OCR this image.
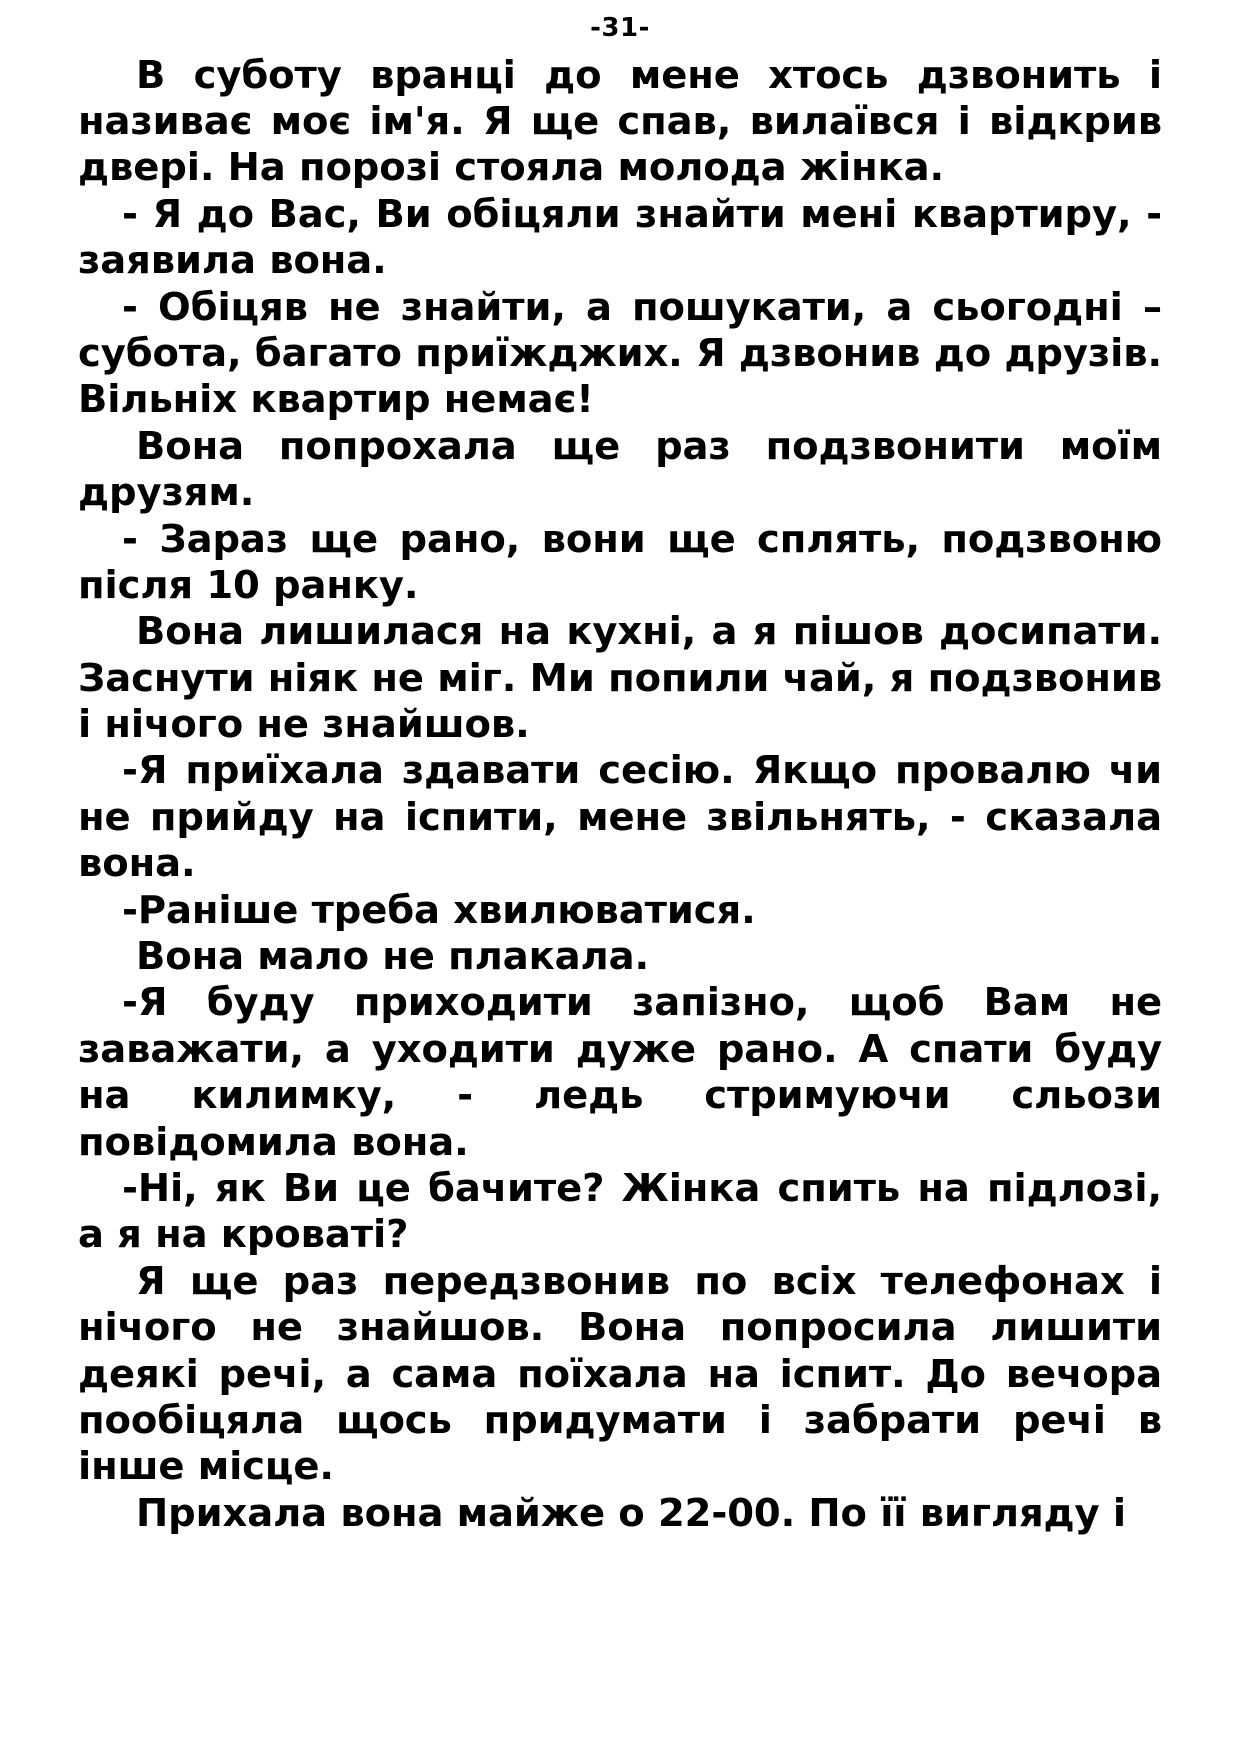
-31-

В суботу вранці до мене хтось дзвонить і називає моє ім'я. Я ще спав, вилаївся і відкрив двері. На порозі стояла молода жінка.

- Я до Вас, Ви обіцяли знайти мені квартиру, - заявила вона.

- Обіцяв не знайти, а пошукати, а сьогодні – субота, багато приїжджих. Я дзвонив до друзів. Вільніх квартир немає!

Вона попрохала ще раз подзвонити моїм друзям.

- Зараз ще рано, вони ще сплять, подзвоню після 10 ранку.

Вона лишилася на кухні, а я пішов досипати. Заснути ніяк не міг. Ми попили чай, я подзвонив і нічого не знайшов.

-Я приїхала здавати сесію. Якщо провалю чи не прийду на іспити, мене звільнять, - сказала вона.

-Раніше треба хвилюватися.

Вона мало не плакала.

-Я буду приходити запізно, щоб Вам не заважати, а уходити дуже рано. А спати буду на килимку, - ледь стримуючи сльози повідомила вона.

-Ні, як Ви це бачите? Жінка спить на підлозі, а я на кроваті?

Я ще раз передзвонив по всіх телефонах і нічого не знайшов. Вона попросила лишити деякі речі, а сама поїхала на іспит. До вечора пообіцяла щось придумати і забрати речі в інше місце.

Прихала вона майже о 22-00. По її вигляду і
